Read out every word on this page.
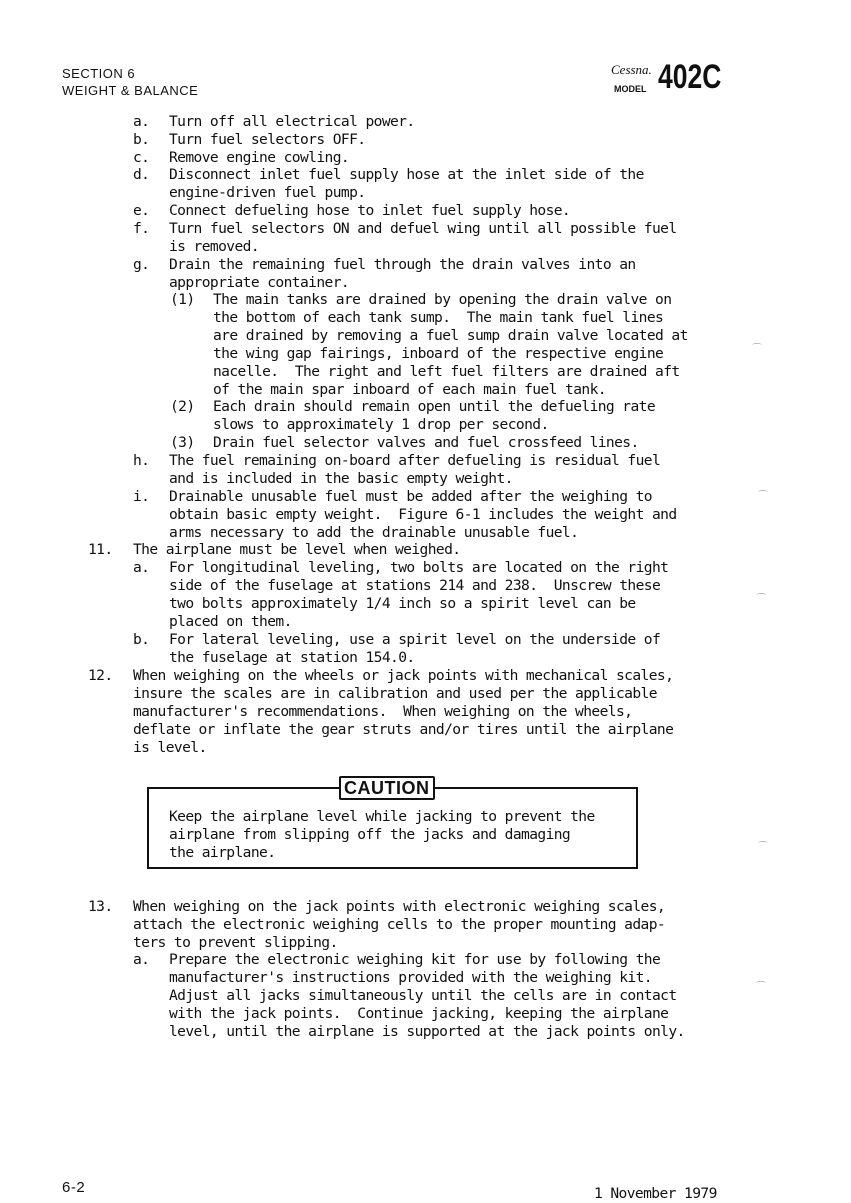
SECTION 6
WEIGHT & BALANCE
Cessna.
MODEL 402C
a. Turn off all electrical power.
b. Turn fuel selectors OFF.
c. Remove engine cowling.
d. Disconnect inlet fuel supply hose at the inlet side of the
engine-driven fuel pump.
e. Connect defueling hose to inlet fuel supply hose.
f. Turn fuel selectors ON and defuel wing until all possible fuel
is removed.
g. Drain the remaining fuel through the drain valves into an
appropriate container.
(1) The main tanks are drained by opening the drain valve on
the bottom of each tank sump.  The main tank fuel lines
are drained by removing a fuel sump drain valve located at
the wing gap fairings, inboard of the respective engine
nacelle.  The right and left fuel filters are drained aft
of the main spar inboard of each main fuel tank.
(2) Each drain should remain open until the defueling rate
slows to approximately 1 drop per second.
(3) Drain fuel selector valves and fuel crossfeed lines.
h. The fuel remaining on-board after defueling is residual fuel
and is included in the basic empty weight.
i. Drainable unusable fuel must be added after the weighing to
obtain basic empty weight.  Figure 6-1 includes the weight and
arms necessary to add the drainable unusable fuel.
11. The airplane must be level when weighed.
a. For longitudinal leveling, two bolts are located on the right
side of the fuselage at stations 214 and 238.  Unscrew these
two bolts approximately 1/4 inch so a spirit level can be
placed on them.
b. For lateral leveling, use a spirit level on the underside of
the fuselage at station 154.0.
12. When weighing on the wheels or jack points with mechanical scales,
insure the scales are in calibration and used per the applicable
manufacturer's recommendations.  When weighing on the wheels,
deflate or inflate the gear struts and/or tires until the airplane
is level.
13. When weighing on the jack points with electronic weighing scales,
attach the electronic weighing cells to the proper mounting adap-
ters to prevent slipping.
a. Prepare the electronic weighing kit for use by following the
manufacturer's instructions provided with the weighing kit.
Adjust all jacks simultaneously until the cells are in contact
with the jack points.  Continue jacking, keeping the airplane
level, until the airplane is supported at the jack points only.
CAUTION
Keep the airplane level while jacking to prevent the
airplane from slipping off the jacks and damaging
the airplane.
6-2	1 November 1979
⌒
⌒
⌒
⌒
⌒
